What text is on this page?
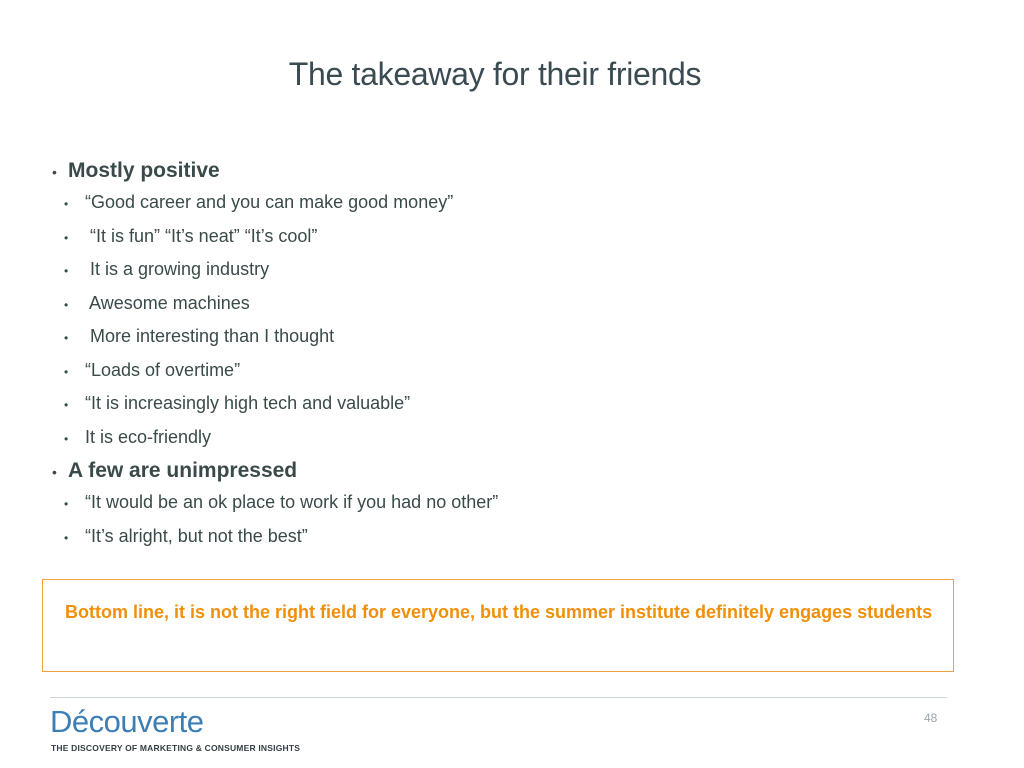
The takeaway for their friends
• Mostly positive
• “Good career and you can make good money”
• “It is fun” “It’s neat” “It’s cool”
• It is a growing industry
• Awesome machines
• More interesting than I thought
• “Loads of overtime”
• “It is increasingly high tech and valuable”
• It is eco-friendly
• A few are unimpressed
• “It would be an ok place to work if you had no other”
• “It’s alright, but not the best”
Bottom line, it is not the right field for everyone, but the summer institute definitely engages students
Découverte
THE DISCOVERY OF MARKETING & CONSUMER INSIGHTS
48
